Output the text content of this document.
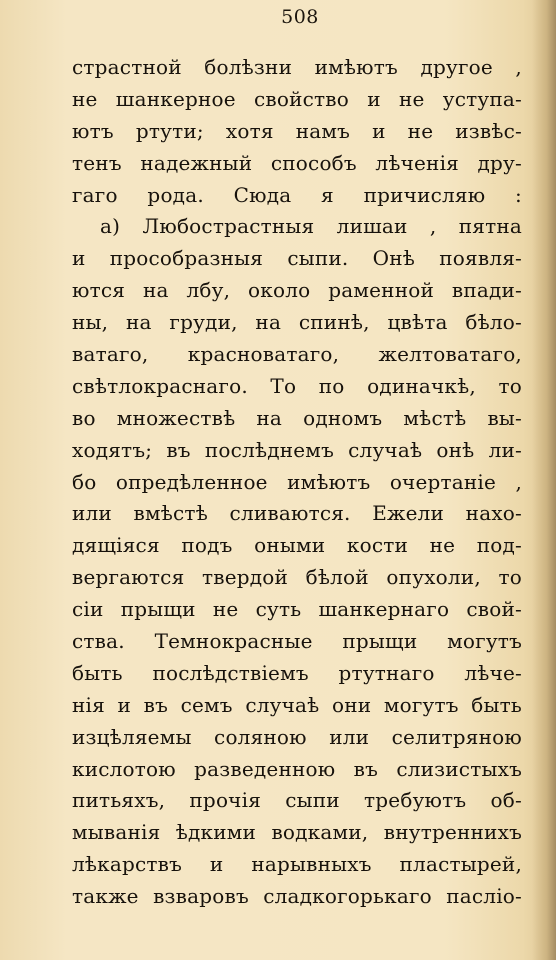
508
страстной болѣзни имѣютъ другое ,
не шанкерное свойство и не уступа-
ютъ ртути; хотя намъ и не извѣс-
тенъ надежный способъ лѣченія дру-
гаго рода. Сюда я причисляю :
а) Любострастныя лишаи , пятна
и прособразныя сыпи. Онѣ появля-
ются на лбу, около раменной впади-
ны, на груди, на спинѣ, цвѣта бѣло-
ватаго, красноватаго, желтоватаго,
свѣтлокраснаго. То по одиначкѣ, то
во множествѣ на одномъ мѣстѣ вы-
ходятъ; въ послѣднемъ случаѣ онѣ ли-
бо опредѣленное имѣютъ очертаніе ,
или вмѣстѣ сливаются. Ежели нахо-
дящіяся подъ оными кости не под-
вергаются твердой бѣлой опухоли, то
сіи прыщи не суть шанкернаго свой-
ства. Темнокрасные прыщи могутъ
быть послѣдствіемъ ртутнаго лѣче-
нія и въ семъ случаѣ они могутъ быть
изцѣляемы соляною или селитряною
кислотою разведенною въ слизистыхъ
питьяхъ, прочія сыпи требуютъ об-
мыванія ѣдкими водками, внутреннихъ
лѣкарствъ и нарывныхъ пластырей,
также взваровъ сладкогорькаго пасліо-
